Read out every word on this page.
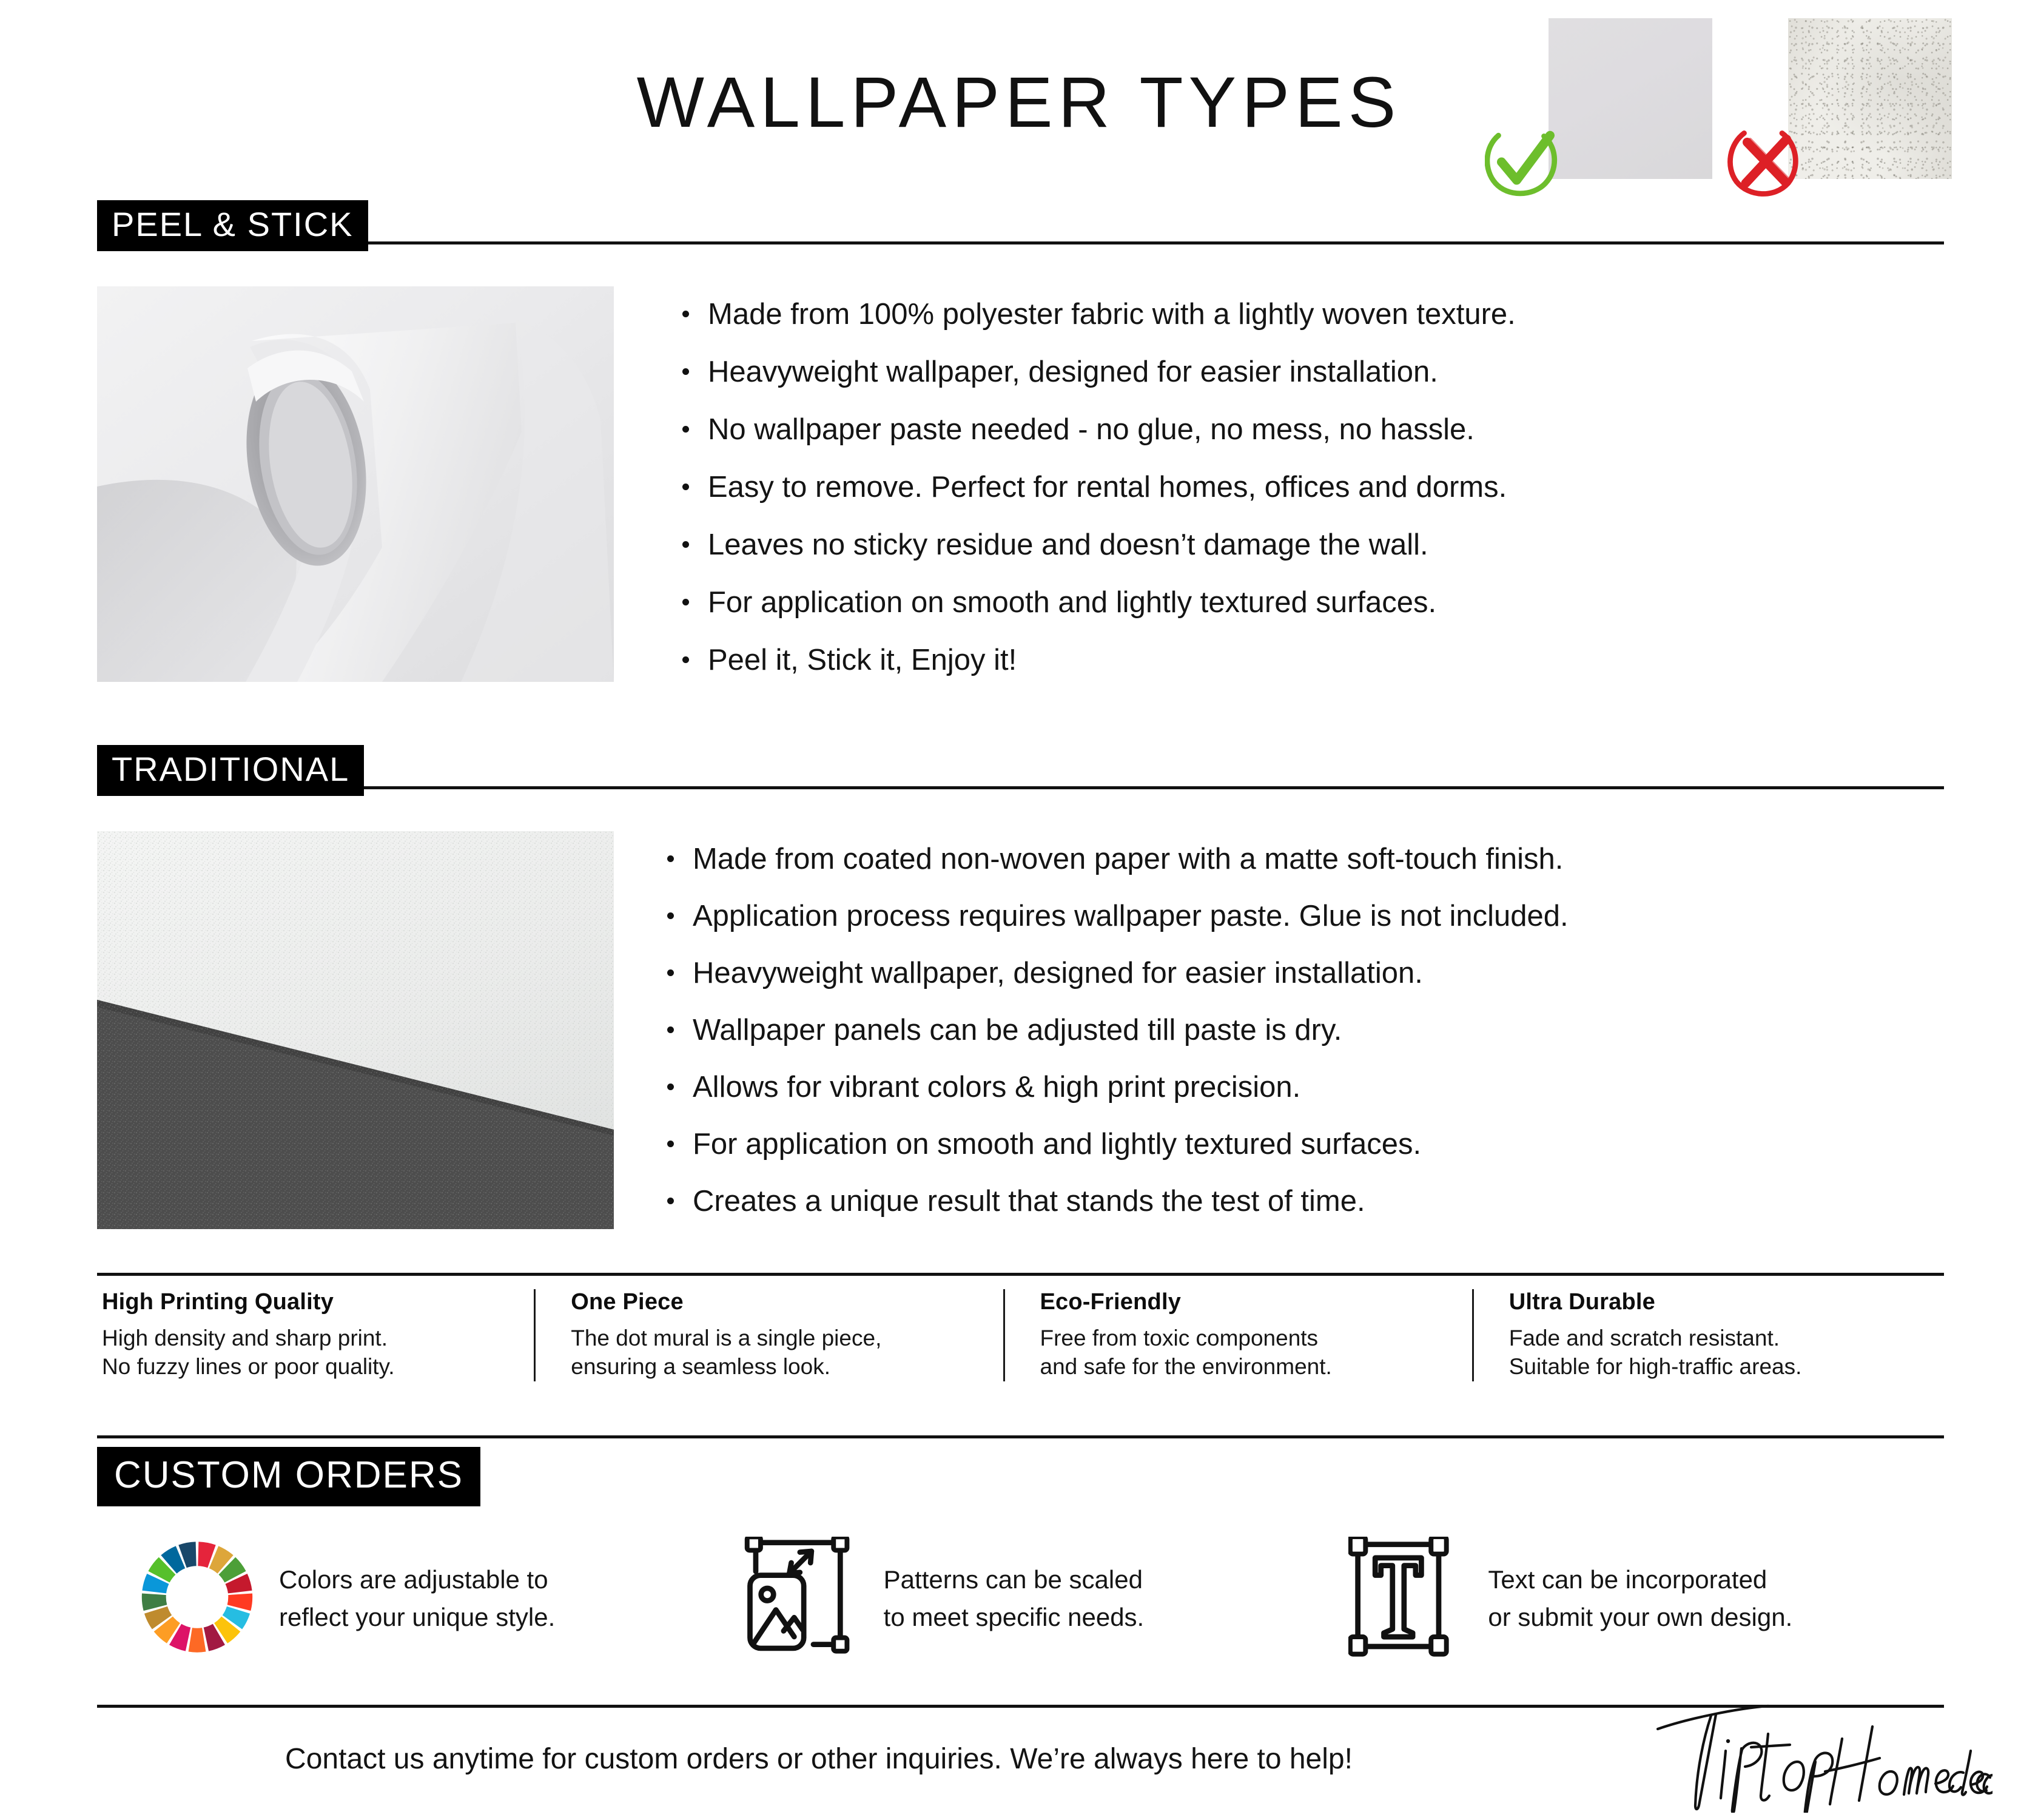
WALLPAPER TYPES
PEEL & STICK
Made from 100% polyester fabric with a lightly woven texture.
Heavyweight wallpaper, designed for easier installation.
No wallpaper paste needed - no glue, no mess, no hassle.
Easy to remove. Perfect for rental homes, offices and dorms.
Leaves no sticky residue and doesn’t damage the wall.
For application on smooth and lightly textured surfaces.
Peel it, Stick it, Enjoy it!
TRADITIONAL
Made from coated non-woven paper with a matte soft-touch finish.
Application process requires wallpaper paste. Glue is not included.
Heavyweight wallpaper, designed for easier installation.
Wallpaper panels can be adjusted till paste is dry.
Allows for vibrant colors & high print precision.
For application on smooth and lightly textured surfaces.
Creates a unique result that stands the test of time.
High Printing Quality
High density and sharp print.
No fuzzy lines or poor quality.
One Piece
The dot mural is a single piece,
ensuring a seamless look.
Eco-Friendly
Free from toxic components
and safe for the environment.
Ultra Durable
Fade and scratch resistant.
Suitable for high-traffic areas.
CUSTOM ORDERS
Colors are adjustable to
reflect your unique style.
Patterns can be scaled
to meet specific needs.
Text can be incorporated
or submit your own design.
Contact us anytime for custom orders or other inquiries. We’re always here to help!
